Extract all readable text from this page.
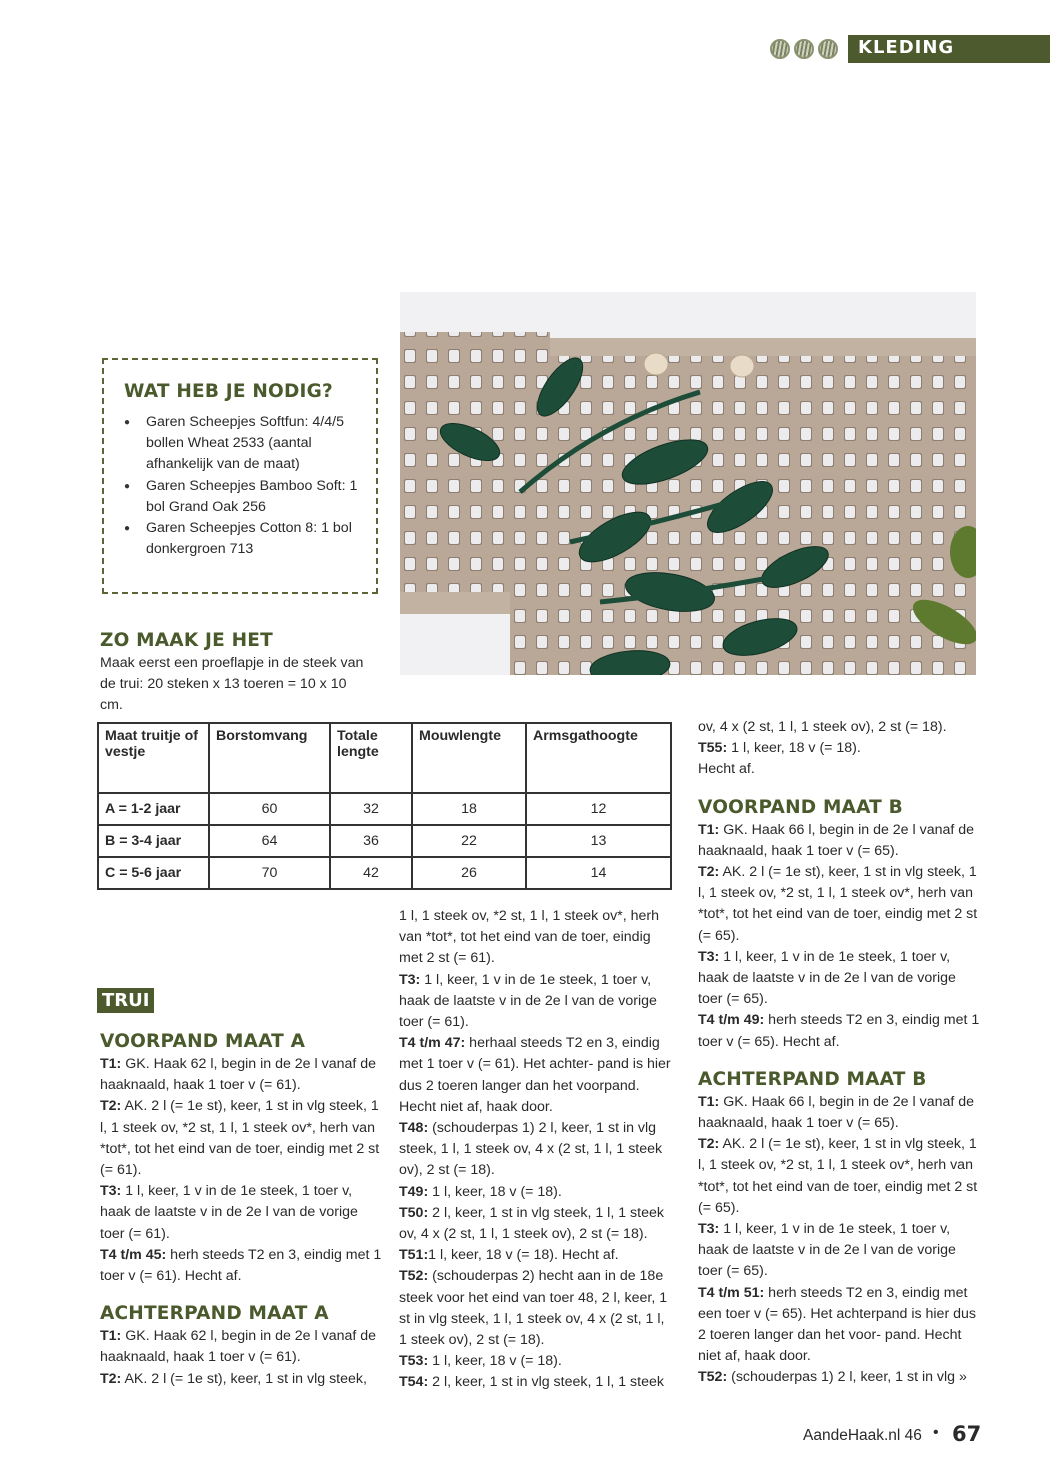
KLEDING
WAT HEB JE NODIG?
● Garen Scheepjes Softfun: 4/4/5 bollen Wheat 2533 (aantal afhankelijk van de maat)
● Garen Scheepjes Bamboo Soft: 1 bol Grand Oak 256
● Garen Scheepjes Cotton 8: 1 bol donkergroen 713
ZO MAAK JE HET

Maak eerst een proeflapje in de steek van de trui: 20 steken x 13 toeren = 10 x 10 cm.

Maat truitje of vestje	Borstomvang	Totale lengte	Mouwlengte	Armsgathoogte
A = 1-2 jaar	60	32	18	12
B = 3-4 jaar	64	36	22	13
C = 5-6 jaar	70	42	26	14
TRUI
VOORPAND MAAT A

T1: GK. Haak 62 l, begin in de 2e l vanaf de haaknaald, haak 1 toer v (= 61).

T2: AK. 2 l (= 1e st), keer, 1 st in vlg steek, 1 l, 1 steek ov, *2 st, 1 l, 1 steek ov*, herh van *tot*, tot het eind van de toer, eindig met 2 st (= 61).

T3: 1 l, keer, 1 v in de 1e steek, 1 toer v, haak de laatste v in de 2e l van de vorige toer (= 61).

T4 t/m 45: herh steeds T2 en 3, eindig met 1 toer v (= 61). Hecht af.

ACHTERPAND MAAT A

T1: GK. Haak 62 l, begin in de 2e l vanaf de haaknaald, haak 1 toer v (= 61).

T2: AK. 2 l (= 1e st), keer, 1 st in vlg steek,

1 l, 1 steek ov, *2 st, 1 l, 1 steek ov*, herh van *tot*, tot het eind van de toer, eindig met 2 st (= 61).

T3: 1 l, keer, 1 v in de 1e steek, 1 toer v, haak de laatste v in de 2e l van de vorige toer (= 61).

T4 t/m 47: herhaal steeds T2 en 3, eindig met 1 toer v (= 61). Het achter- pand is hier dus 2 toeren langer dan het voorpand. Hecht niet af, haak door.

T48: (schouderpas 1) 2 l, keer, 1 st in vlg steek, 1 l, 1 steek ov, 4 x (2 st, 1 l, 1 steek ov), 2 st (= 18).

T49: 1 l, keer, 18 v (= 18).

T50: 2 l, keer, 1 st in vlg steek, 1 l, 1 steek ov, 4 x (2 st, 1 l, 1 steek ov), 2 st (= 18).

T51:1 l, keer, 18 v (= 18). Hecht af.

T52: (schouderpas 2) hecht aan in de 18e steek voor het eind van toer 48, 2 l, keer, 1 st in vlg steek, 1 l, 1 steek ov, 4 x (2 st, 1 l, 1 steek ov), 2 st (= 18).

T53: 1 l, keer, 18 v (= 18).

T54: 2 l, keer, 1 st in vlg steek, 1 l, 1 steek

ov, 4 x (2 st, 1 l, 1 steek ov), 2 st (= 18).

T55: 1 l, keer, 18 v (= 18).

Hecht af.

VOORPAND MAAT B

T1: GK. Haak 66 l, begin in de 2e l vanaf de haaknaald, haak 1 toer v (= 65).

T2: AK. 2 l (= 1e st), keer, 1 st in vlg steek, 1 l, 1 steek ov, *2 st, 1 l, 1 steek ov*, herh van *tot*, tot het eind van de toer, eindig met 2 st (= 65).

T3: 1 l, keer, 1 v in de 1e steek, 1 toer v, haak de laatste v in de 2e l van de vorige toer (= 65).

T4 t/m 49: herh steeds T2 en 3, eindig met 1 toer v (= 65). Hecht af.

ACHTERPAND MAAT B

T1: GK. Haak 66 l, begin in de 2e l vanaf de haaknaald, haak 1 toer v (= 65).

T2: AK. 2 l (= 1e st), keer, 1 st in vlg steek, 1 l, 1 steek ov, *2 st, 1 l, 1 steek ov*, herh van *tot*, tot het eind van de toer, eindig met 2 st (= 65).

T3: 1 l, keer, 1 v in de 1e steek, 1 toer v, haak de laatste v in de 2e l van de vorige toer (= 65).

T4 t/m 51: herh steeds T2 en 3, eindig met een toer v (= 65). Het achterpand is hier dus 2 toeren langer dan het voor- pand. Hecht niet af, haak door.

T52: (schouderpas 1) 2 l, keer, 1 st in vlg »

AandeHaak.nl 46 • 67
